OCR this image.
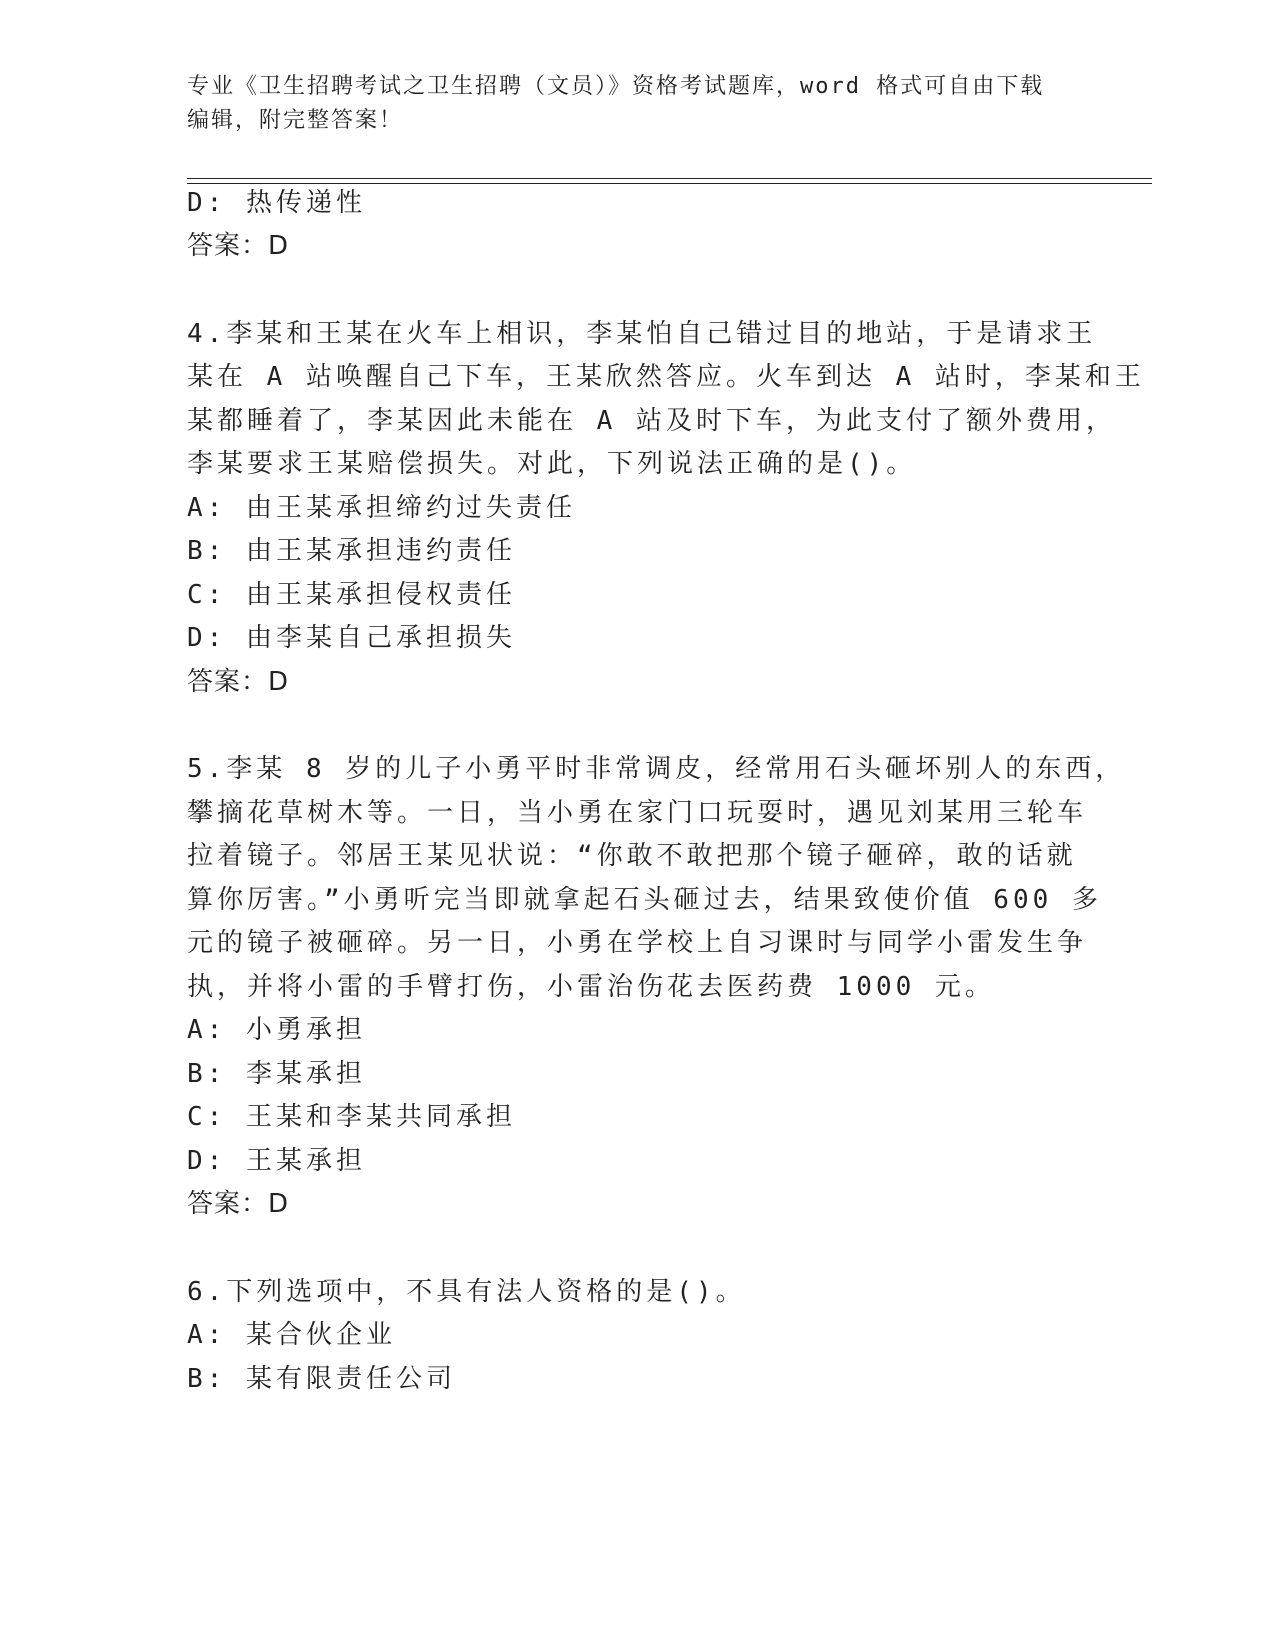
专业《卫生招聘考试之卫生招聘（文员）》资格考试题库，word 格式可自由下载
编辑，附完整答案！
D: 热传递性
答案：D
4.李某和王某在火车上相识，李某怕自己错过目的地站，于是请求王
某在 A 站唤醒自己下车，王某欣然答应。火车到达 A 站时，李某和王
某都睡着了，李某因此未能在 A 站及时下车，为此支付了额外费用，
李某要求王某赔偿损失。对此，下列说法正确的是()。
A: 由王某承担缔约过失责任
B: 由王某承担违约责任
C: 由王某承担侵权责任
D: 由李某自己承担损失
答案：D
5.李某 8 岁的儿子小勇平时非常调皮，经常用石头砸坏别人的东西，
攀摘花草树木等。一日，当小勇在家门口玩耍时，遇见刘某用三轮车
拉着镜子。邻居王某见状说：“你敢不敢把那个镜子砸碎，敢的话就
算你厉害。”小勇听完当即就拿起石头砸过去，结果致使价值 600 多
元的镜子被砸碎。另一日，小勇在学校上自习课时与同学小雷发生争
执，并将小雷的手臂打伤，小雷治伤花去医药费 1000 元。
A: 小勇承担
B: 李某承担
C: 王某和李某共同承担
D: 王某承担
答案：D
6.下列选项中，不具有法人资格的是()。
A: 某合伙企业
B: 某有限责任公司
